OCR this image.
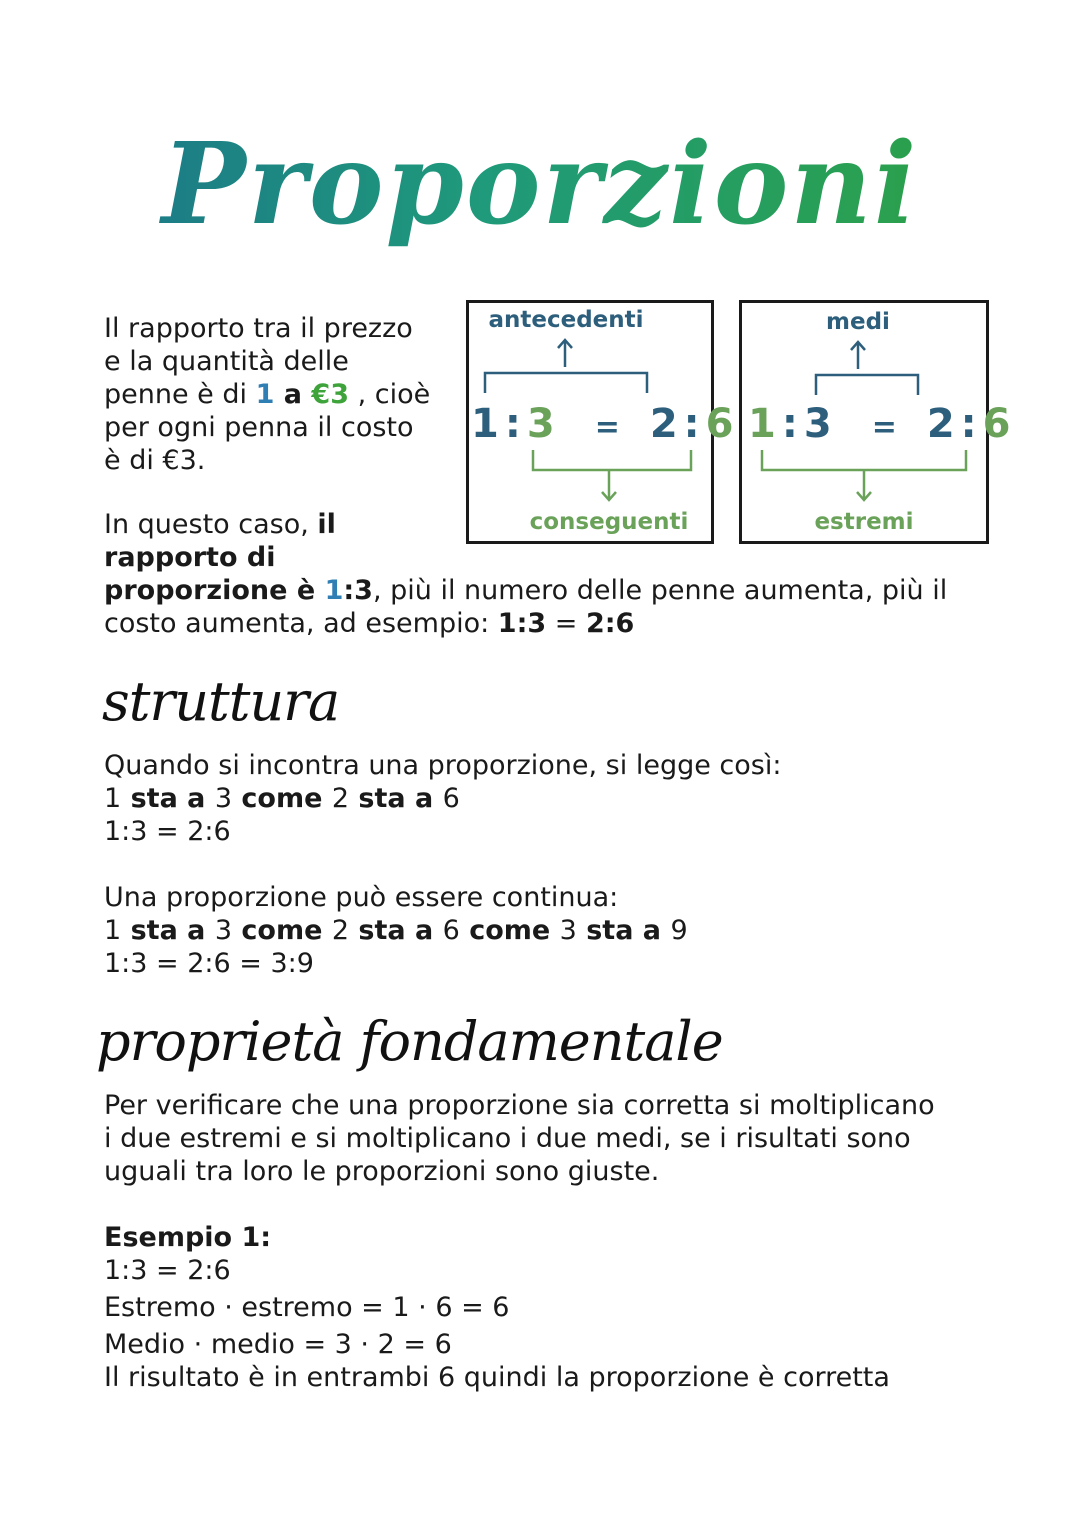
Proporzioni
Il rapporto tra il prezzo
e la quantità delle
penne è di 1 a €3 , cioè
per ogni penna il costo
è di €3.
antecedenti
1 : 3 = 2 : 6
conseguenti
medi
1 : 3 = 2 : 6
estremi
In questo caso, il
rapporto di
proporzione è 1:3, più il numero delle penne aumenta, più il
costo aumenta, ad esempio: 1:3 = 2:6
struttura
Quando si incontra una proporzione, si legge così:
1 sta a 3 come 2 sta a 6
1:3 = 2:6
Una proporzione può essere continua:
1 sta a 3 come 2 sta a 6 come 3 sta a 9
1:3 = 2:6 = 3:9
proprietà fondamentale
Per verificare che una proporzione sia corretta si moltiplicano
i due estremi e si moltiplicano i due medi, se i risultati sono
uguali tra loro le proporzioni sono giuste.
Esempio 1:
1:3 = 2:6
Estremo · estremo = 1 · 6 = 6
Medio · medio = 3 · 2 = 6
Il risultato è in entrambi 6 quindi la proporzione è corretta
